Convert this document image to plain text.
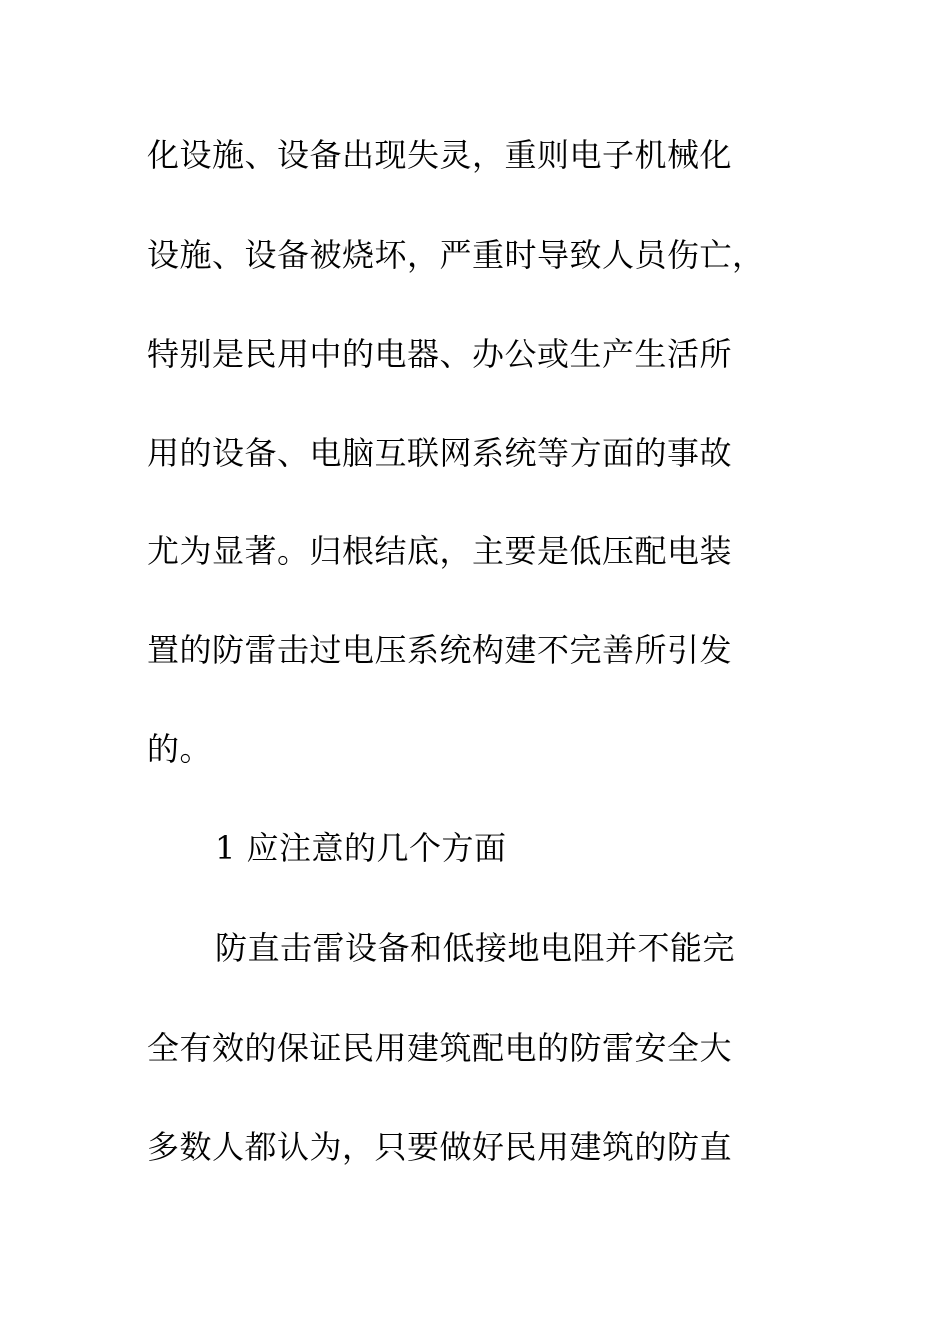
化设施、设备出现失灵，重则电子机械化
设施、设备被烧坏，严重时导致人员伤亡，
特别是民用中的电器、办公或生产生活所
用的设备、电脑互联网系统等方面的事故
尤为显著。归根结底，主要是低压配电装
置的防雷击过电压系统构建不完善所引发
的。
1 应注意的几个方面
防直击雷设备和低接地电阻并不能完
全有效的保证民用建筑配电的防雷安全大
多数人都认为，只要做好民用建筑的防直
